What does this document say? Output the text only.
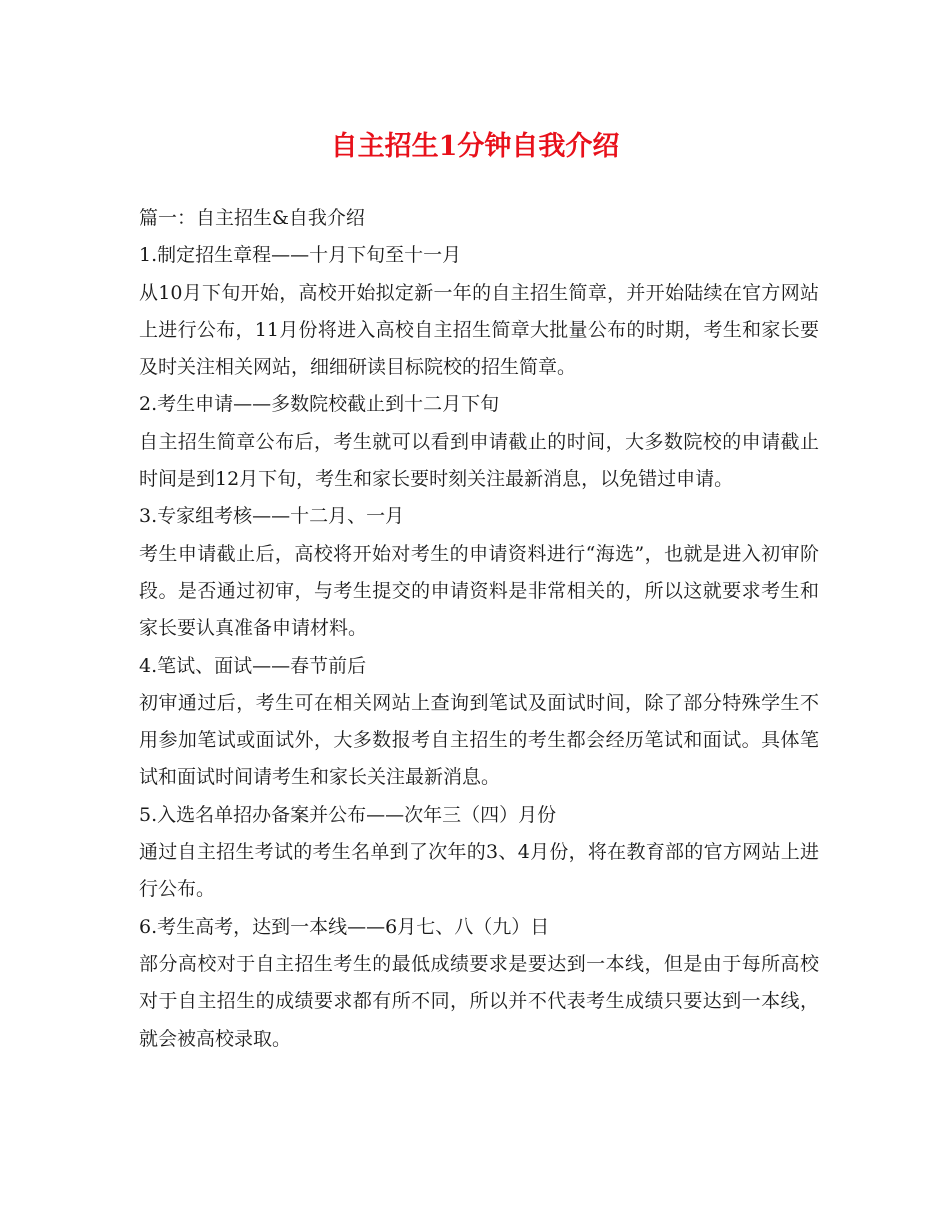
自主招生1分钟自我介绍

篇一：自主招生&自我介绍

1.制定招生章程——十月下旬至十一月

从10月下旬开始，高校开始拟定新一年的自主招生简章，并开始陆续在官方网站上进行公布，11月份将进入高校自主招生简章大批量公布的时期，考生和家长要及时关注相关网站，细细研读目标院校的招生简章。

2.考生申请——多数院校截止到十二月下旬

自主招生简章公布后，考生就可以看到申请截止的时间，大多数院校的申请截止时间是到12月下旬，考生和家长要时刻关注最新消息，以免错过申请。

3.专家组考核——十二月、一月

考生申请截止后，高校将开始对考生的申请资料进行“海选”，也就是进入初审阶段。是否通过初审，与考生提交的申请资料是非常相关的，所以这就要求考生和家长要认真准备申请材料。

4.笔试、面试——春节前后

初审通过后，考生可在相关网站上查询到笔试及面试时间，除了部分特殊学生不用参加笔试或面试外，大多数报考自主招生的考生都会经历笔试和面试。具体笔试和面试时间请考生和家长关注最新消息。

5.入选名单招办备案并公布——次年三（四）月份

通过自主招生考试的考生名单到了次年的3、4月份，将在教育部的官方网站上进行公布。

6.考生高考，达到一本线——6月七、八（九）日

部分高校对于自主招生考生的最低成绩要求是要达到一本线，但是由于每所高校对于自主招生的成绩要求都有所不同，所以并不代表考生成绩只要达到一本线，就会被高校录取。
